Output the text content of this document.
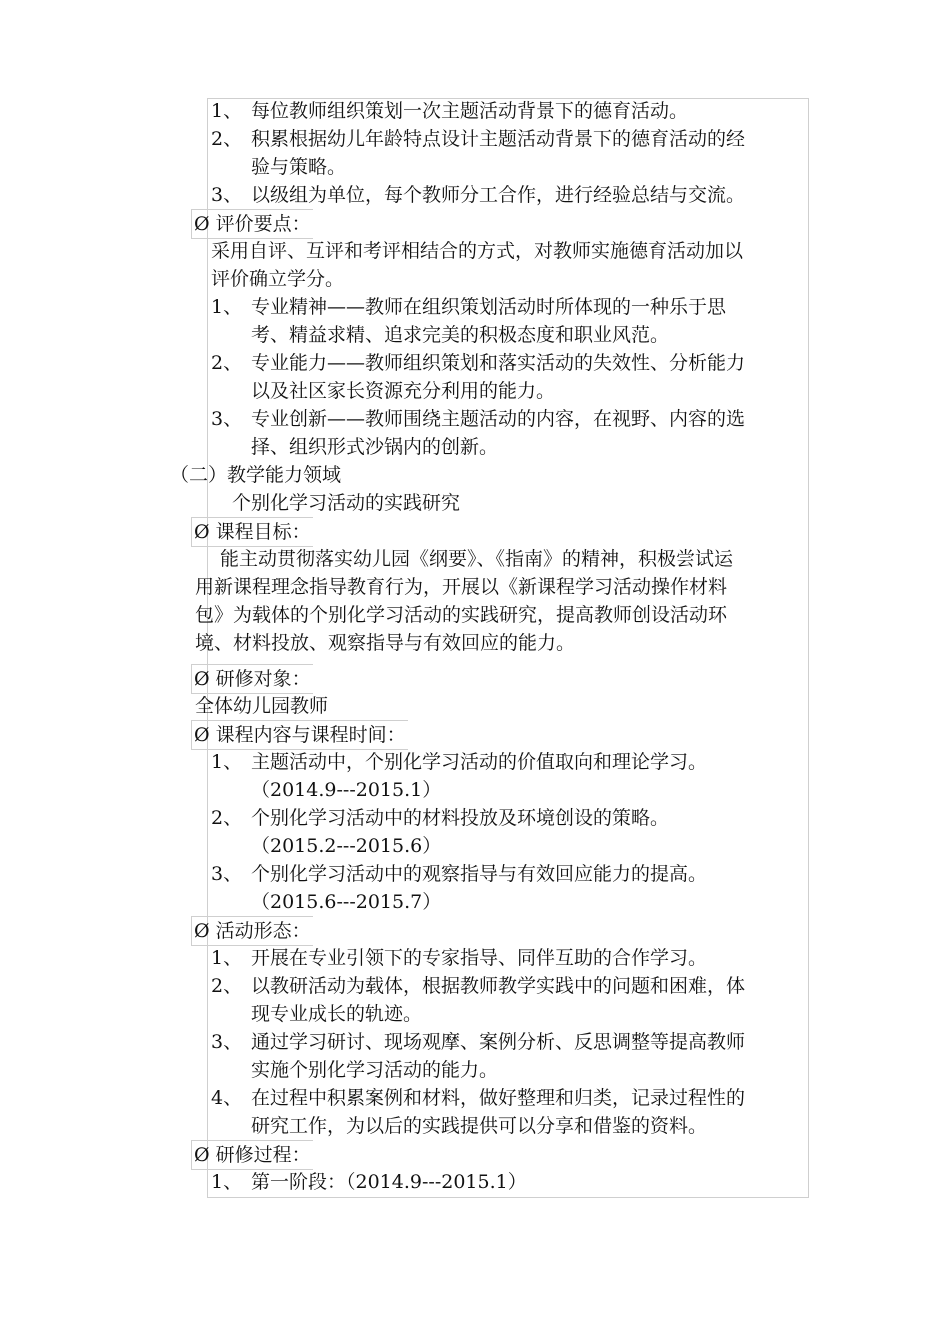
1、 每位教师组织策划一次主题活动背景下的德育活动。
2、 积累根据幼儿年龄特点设计主题活动背景下的德育活动的经
验与策略。
3、 以级组为单位，每个教师分工合作，进行经验总结与交流。
Ø 评价要点：
采用自评、互评和考评相结合的方式，对教师实施德育活动加以
评价确立学分。
1、 专业精神——教师在组织策划活动时所体现的一种乐于思
考、精益求精、追求完美的积极态度和职业风范。
2、 专业能力——教师组织策划和落实活动的失效性、分析能力
以及社区家长资源充分利用的能力。
3、 专业创新——教师围绕主题活动的内容，在视野、内容的选
择、组织形式沙锅内的创新。
（二）教学能力领域
个别化学习活动的实践研究
Ø 课程目标：
能主动贯彻落实幼儿园《纲要》、《指南》的精神，积极尝试运
用新课程理念指导教育行为，开展以《新课程学习活动操作材料
包》为载体的个别化学习活动的实践研究，提高教师创设活动环
境、材料投放、观察指导与有效回应的能力。
Ø 研修对象：
全体幼儿园教师
Ø 课程内容与课程时间：
1、 主题活动中，个别化学习活动的价值取向和理论学习。
（2014.9---2015.1）
2、 个别化学习活动中的材料投放及环境创设的策略。
（2015.2---2015.6）
3、 个别化学习活动中的观察指导与有效回应能力的提高。
（2015.6---2015.7）
Ø 活动形态：
1、 开展在专业引领下的专家指导、同伴互助的合作学习。
2、 以教研活动为载体，根据教师教学实践中的问题和困难，体
现专业成长的轨迹。
3、 通过学习研讨、现场观摩、案例分析、反思调整等提高教师
实施个别化学习活动的能力。
4、 在过程中积累案例和材料，做好整理和归类，记录过程性的
研究工作，为以后的实践提供可以分享和借鉴的资料。
Ø 研修过程：
1、 第一阶段：（2014.9---2015.1）
